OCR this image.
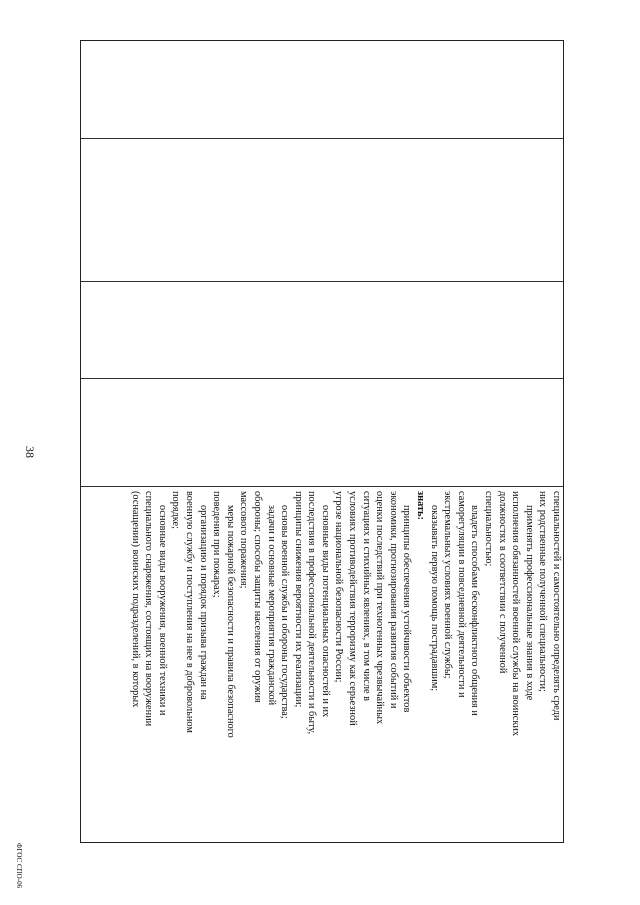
38
ФГОС СПО-06

специальностей и самостоятельно определять среди

них родственные полученной специальности;

применять профессиональные знания в ходе

исполнения обязанностей военной службы на воинских

должностях в соответствии с полученной

специальностью;

владеть способами бесконфликтного общения и

саморегуляции в повседневной деятельности и

экстремальных условиях военной службы;

оказывать первую помощь пострадавшим;

знать:

принципы обеспечения устойчивости объектов

экономики, прогнозирования развития событий и

оценки последствий при техногенных чрезвычайных

ситуациях и стихийных явлениях, в том числе в

условиях противодействия терроризму как серьезной

угрозе национальной безопасности России;

основные виды потенциальных опасностей и их

последствия в профессиональной деятельности и быту,

принципы снижения вероятности их реализации;

основы военной службы и обороны государства;

задачи и основные мероприятия гражданской

обороны; способы защиты населения от оружия

массового поражения;

меры пожарной безопасности и правила безопасного

поведения при пожарах;

организацию и порядок призыва граждан на

военную службу и поступления на нее в добровольном

порядке;

основные виды вооружения, военной техники и

специального снаряжения, состоящих на вооружении

(оснащении) воинских подразделений, в которых
